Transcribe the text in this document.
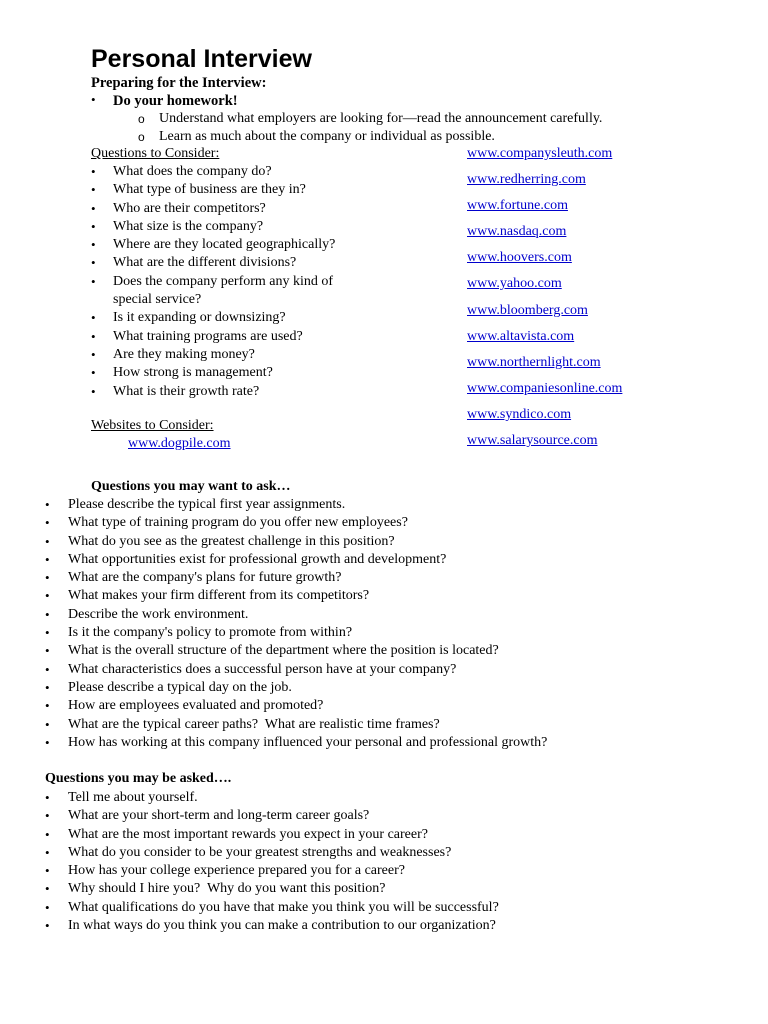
Personal Interview
Preparing for the Interview:
• Do your homework!
o Understand what employers are looking for—read the announcement carefully.
o Learn as much about the company or individual as possible.
Questions to Consider:
• What does the company do?
• What type of business are they in?
• Who are their competitors?
• What size is the company?
• Where are they located geographically?
• What are the different divisions?
• Does the company perform any kind of special service?
• Is it expanding or downsizing?
• What training programs are used?
• Are they making money?
• How strong is management?
• What is their growth rate?
Websites to Consider:
www.dogpile.com
www.companysleuth.com
www.redherring.com
www.fortune.com
www.nasdaq.com
www.hoovers.com
www.yahoo.com
www.bloomberg.com
www.altavista.com
www.northernlight.com
www.companiesonline.com
www.syndico.com
www.salarysource.com
Questions you may want to ask…
• Please describe the typical first year assignments.
• What type of training program do you offer new employees?
• What do you see as the greatest challenge in this position?
• What opportunities exist for professional growth and development?
• What are the company's plans for future growth?
• What makes your firm different from its competitors?
• Describe the work environment.
• Is it the company's policy to promote from within?
• What is the overall structure of the department where the position is located?
• What characteristics does a successful person have at your company?
• Please describe a typical day on the job.
• How are employees evaluated and promoted?
• What are the typical career paths?  What are realistic time frames?
• How has working at this company influenced your personal and professional growth?
Questions you may be asked….
• Tell me about yourself.
• What are your short-term and long-term career goals?
• What are the most important rewards you expect in your career?
• What do you consider to be your greatest strengths and weaknesses?
• How has your college experience prepared you for a career?
• Why should I hire you?  Why do you want this position?
• What qualifications do you have that make you think you will be successful?
• In what ways do you think you can make a contribution to our organization?
